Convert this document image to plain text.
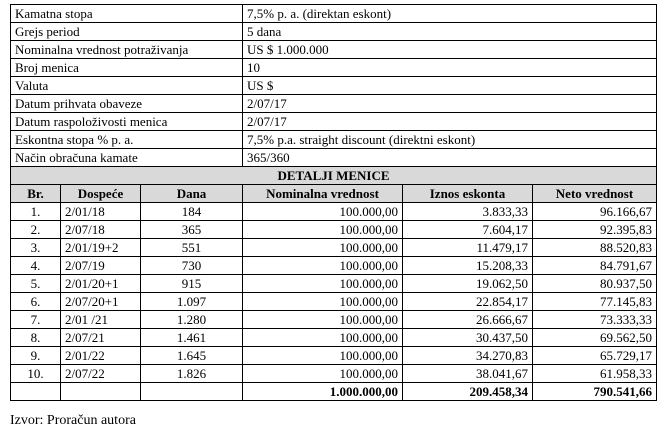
Kamatna stopa			7,5% p. a. (direktan eskont)		
Grejs period			5 dana		
Nominalna vrednost potraživanja			US $ 1.000.000		
Broj menica			10		
Valuta			US $		
Datum prihvata obaveze			2/07/17		
Datum raspoloživosti menica			2/07/17		
Eskontna stopa % p. a.			7,5% p.a. straight discount (direktni eskont)		
Način obračuna kamate			365/360		
DETALJI MENICE					
Br.	Dospeće	Dana	Nominalna vrednost	Iznos eskonta	Neto vrednost
1.	2/01/18	184	100.000,00	3.833,33	96.166,67
2.	2/07/18	365	100.000,00	7.604,17	92.395,83
3.	2/01/19+2	551	100.000,00	11.479,17	88.520,83
4.	2/07/19	730	100.000,00	15.208,33	84.791,67
5.	2/01/20+1	915	100.000,00	19.062,50	80.937,50
6.	2/07/20+1	1.097	100.000,00	22.854,17	77.145,83
7.	2/01 /21	1.280	100.000,00	26.666,67	73.333,33
8.	2/07/21	1.461	100.000,00	30.437,50	69.562,50
9.	2/01/22	1.645	100.000,00	34.270,83	65.729,17
10.	2/07/22	1.826	100.000,00	38.041,67	61.958,33
			1.000.000,00	209.458,34	790.541,66
Izvor: Proračun autora
